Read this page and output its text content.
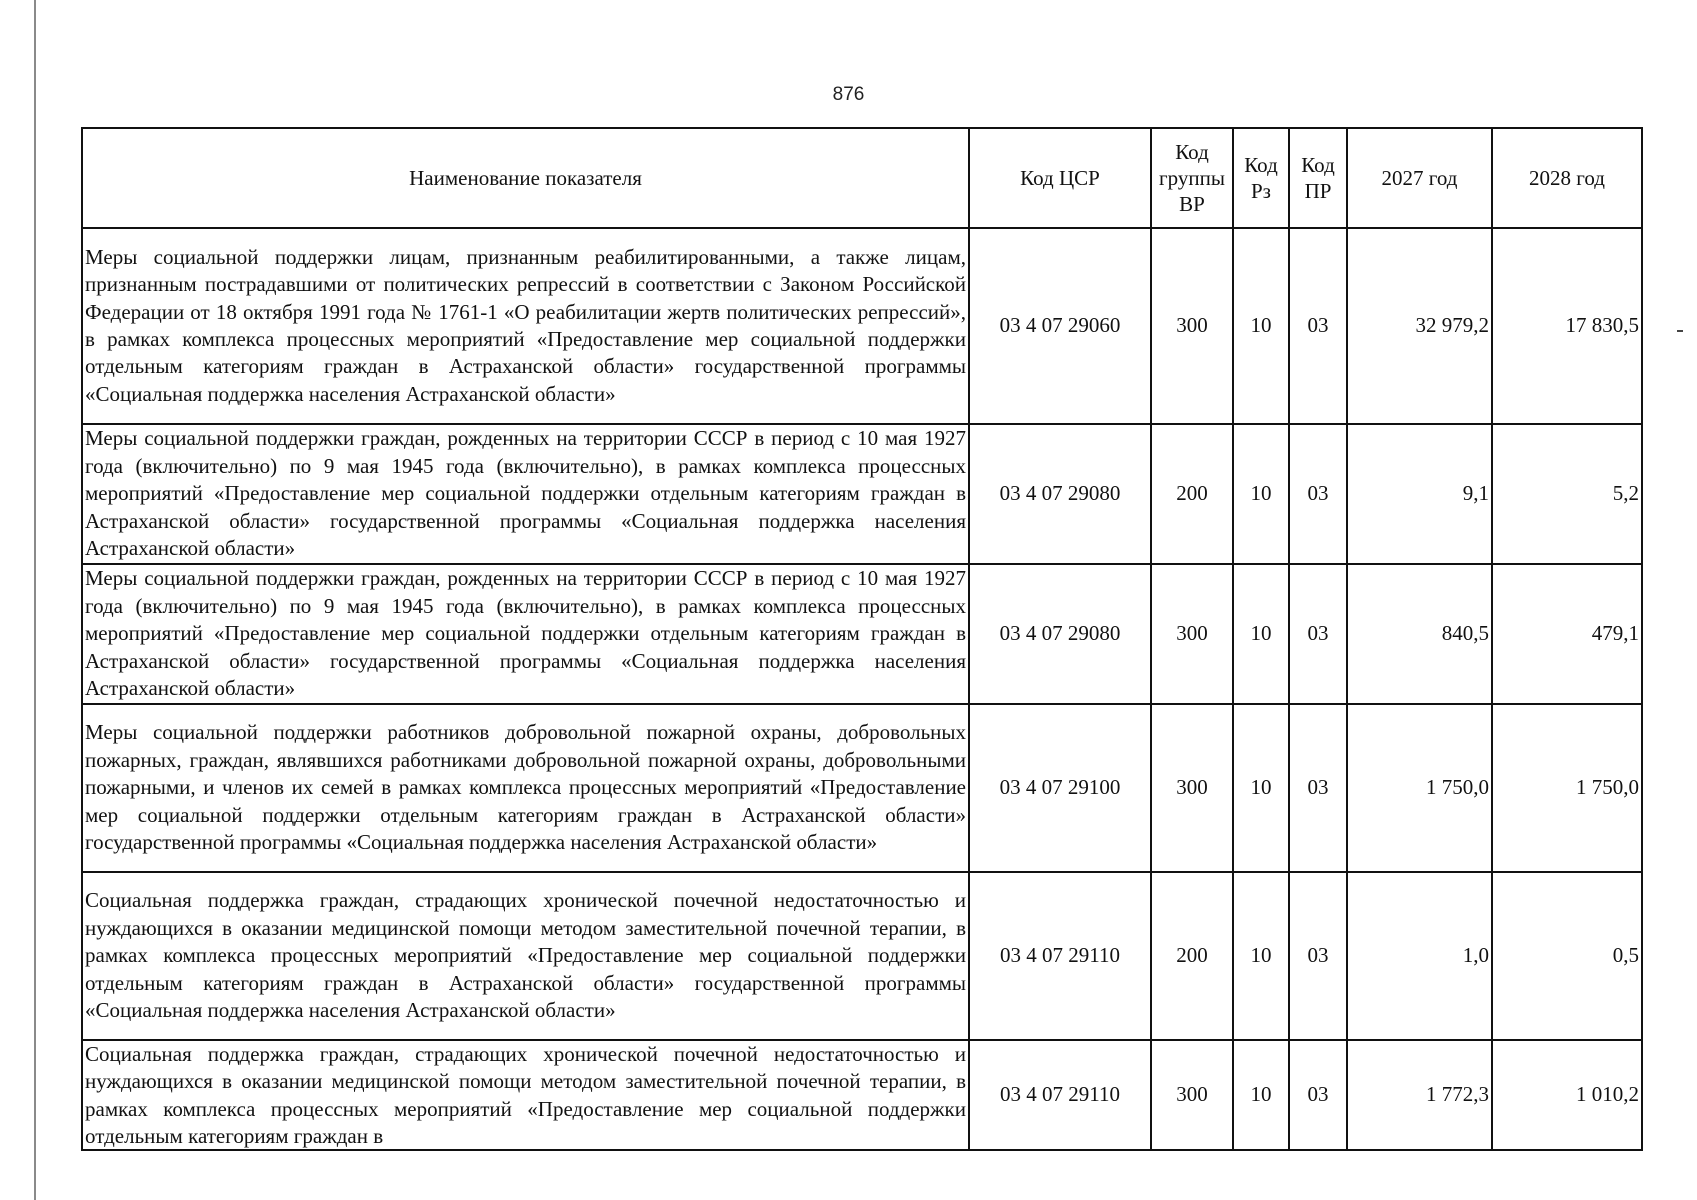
876
Наименование показателя	Код ЦСР	Код группы ВР	Код Рз	Код ПР	2027 год	2028 год
Меры социальной поддержки лицам, признанным реабилитированными, а также лицам, признанным пострадавшими от политических репрессий в соответствии с Законом Российской Федерации от 18 октября 1991 года № 1761-1 «О реабилитации жертв политических репрессий», в рамках комплекса процессных мероприятий «Предоставление мер социальной поддержки отдельным категориям граждан в Астраханской области» государственной программы «Социальная поддержка населения Астраханской области»	03 4 07 29060	300	10	03	32 979,2	17 830,5
Меры социальной поддержки граждан, рожденных на территории СССР в период с 10 мая 1927 года (включительно) по 9 мая 1945 года (включительно), в рамках комплекса процессных мероприятий «Предоставление мер социальной поддержки отдельным категориям граждан в Астраханской области» государственной программы «Социальная поддержка населения Астраханской области»	03 4 07 29080	200	10	03	9,1	5,2
Меры социальной поддержки граждан, рожденных на территории СССР в период с 10 мая 1927 года (включительно) по 9 мая 1945 года (включительно), в рамках комплекса процессных мероприятий «Предоставление мер социальной поддержки отдельным категориям граждан в Астраханской области» государственной программы «Социальная поддержка населения Астраханской области»	03 4 07 29080	300	10	03	840,5	479,1
Меры социальной поддержки работников добровольной пожарной охраны, добровольных пожарных, граждан, являвшихся работниками добровольной пожарной охраны, добровольными пожарными, и членов их семей в рамках комплекса процессных мероприятий «Предоставление мер социальной поддержки отдельным категориям граждан в Астраханской области» государственной программы «Социальная поддержка населения Астраханской области»	03 4 07 29100	300	10	03	1 750,0	1 750,0
Социальная поддержка граждан, страдающих хронической почечной недостаточностью и нуждающихся в оказании медицинской помощи методом заместительной почечной терапии, в рамках комплекса процессных мероприятий «Предоставление мер социальной поддержки отдельным категориям граждан в Астраханской области» государственной программы «Социальная поддержка населения Астраханской области»	03 4 07 29110	200	10	03	1,0	0,5

Социальная поддержка граждан, страдающих хронической почечной недостаточностью и нуждающихся в оказании медицинской помощи методом заместительной почечной терапии, в рамках комплекса процессных мероприятий «Предоставление мер социальной поддержки отдельным категориям граждан в	03 4 07 29110	300	10	03	1 772,3	1 010,2
